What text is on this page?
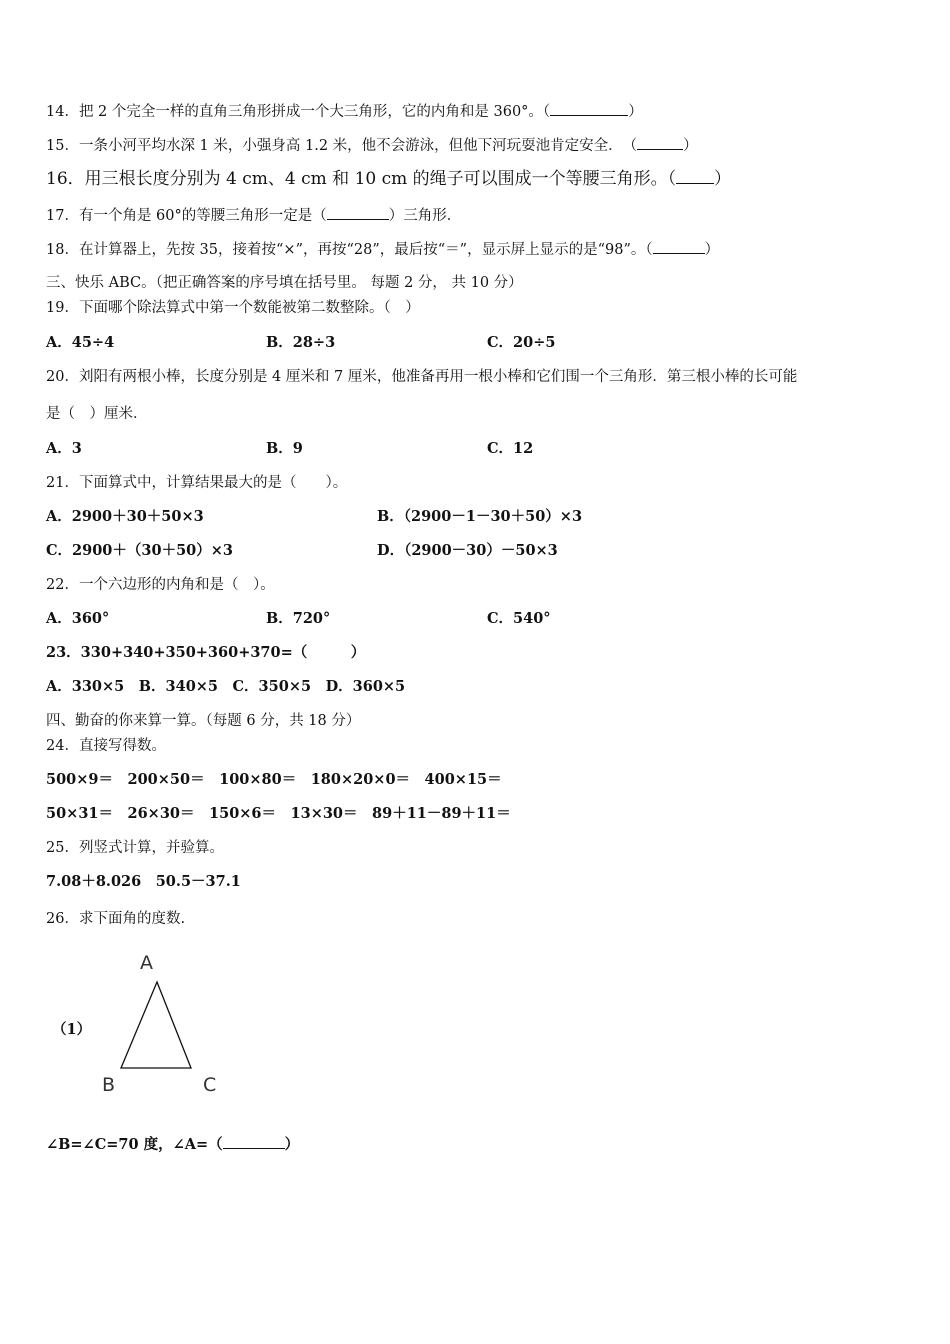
14．把 2 个完全一样的直角三角形拼成一个大三角形，它的内角和是 360°。（	）
15．一条小河平均水深 1 米，小强身高 1.2 米，他不会游泳，但他下河玩耍池肯定安全．　（	）
16．用三根长度分别为 4 cm、4 cm 和 10 cm 的绳子可以围成一个等腰三角形。（ ）
17．有一个角是 60°的等腰三角形一定是（	）三角形．
18．在计算器上，先按 35，接着按“×”，再按“28”，最后按“＝”，显示屏上显示的是“98”。（	）
三、快乐 ABC。（把正确答案的序号填在括号里。 每题 2 分， 共 10 分）
19．下面哪个除法算式中第一个数能被第二数整除。（　）
A．45÷4	B．28÷3	C．20÷5
20．刘阳有两根小棒，长度分别是 4 厘米和 7 厘米，他准备再用一根小棒和它们围一个三角形．第三根小棒的长可能
是（　）厘米．
A．3	B．9	C．12
21．下面算式中，计算结果最大的是（　　）。
A．2900＋30＋50×3	B．（2900－1－30＋50）×3
C．2900＋（30＋50）×3	D．（2900－30）－50×3
22．一个六边形的内角和是（　）。
A．360°	B．720°	C．540°
23．330+340+350+360+370=（　　　）
A．330×5　B．340×5　C．350×5　D．360×5
四、勤奋的你来算一算。（每题 6 分，共 18 分）
24．直接写得数。
500×9＝　200×50＝　100×80＝　180×20×0＝　400×15＝
50×31＝　26×30＝　150×6＝　13×30＝　89＋11－89＋11＝
25．列竖式计算，并验算。
7.08＋8.026　50.5－37.1
26．求下面角的度数.
（1）
A
B	C
∠B=∠C=70 度，∠A=（	）
